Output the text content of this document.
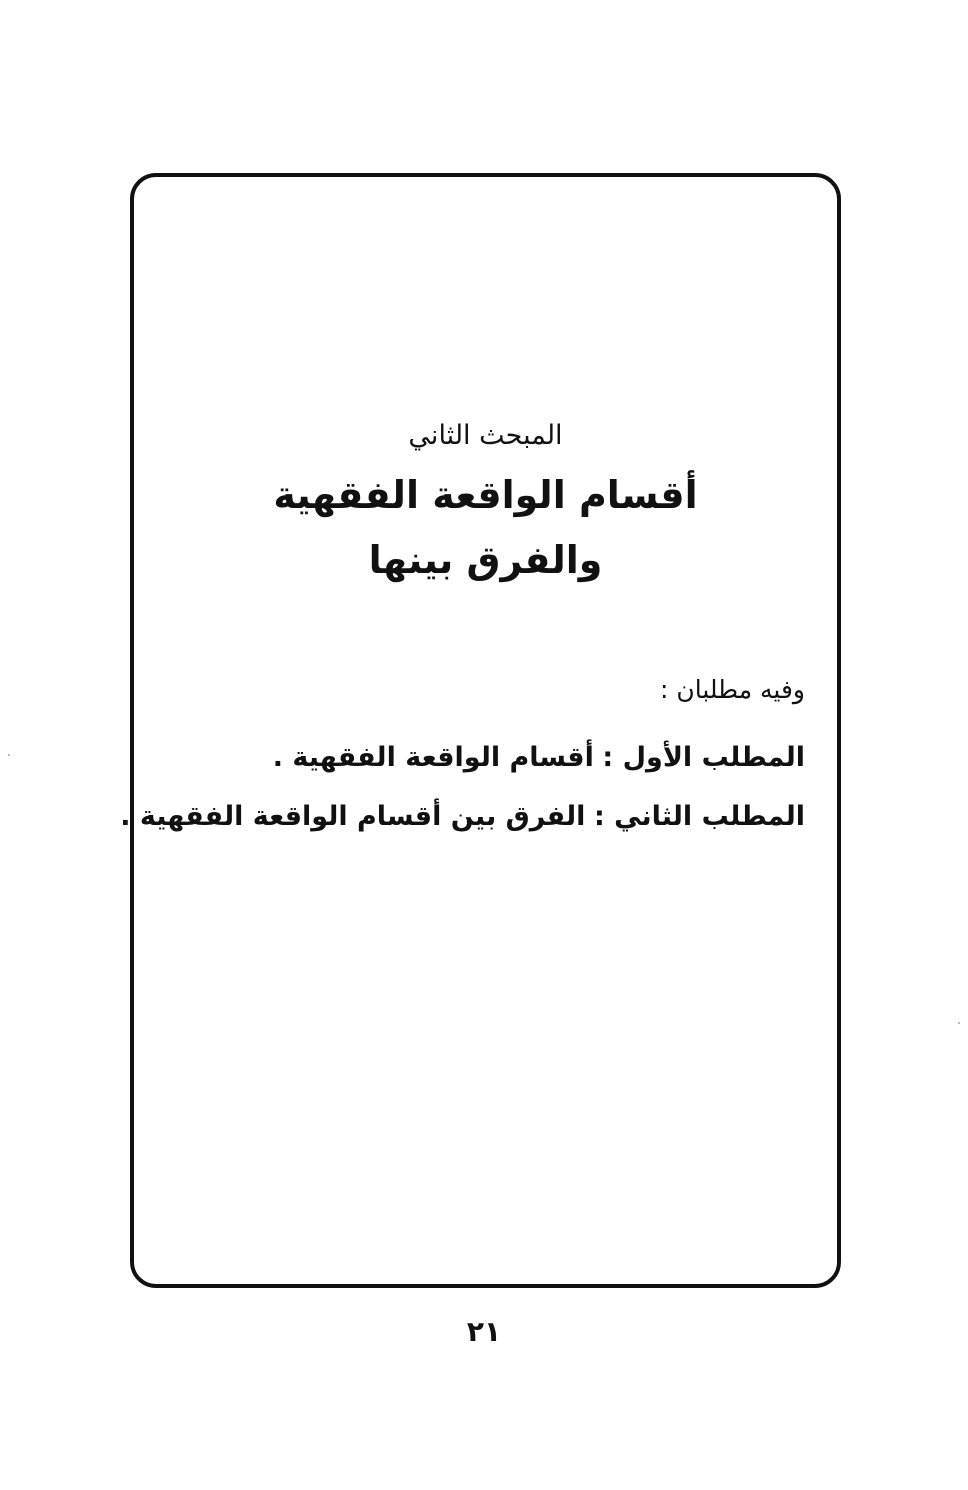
المبحث الثاني
أقسام الواقعة الفقهية
والفرق بينها
وفيه مطلبان :
المطلب الأول : أقسام الواقعة الفقهية .
المطلب الثاني : الفرق بين أقسام الواقعة الفقهية .
٢١
